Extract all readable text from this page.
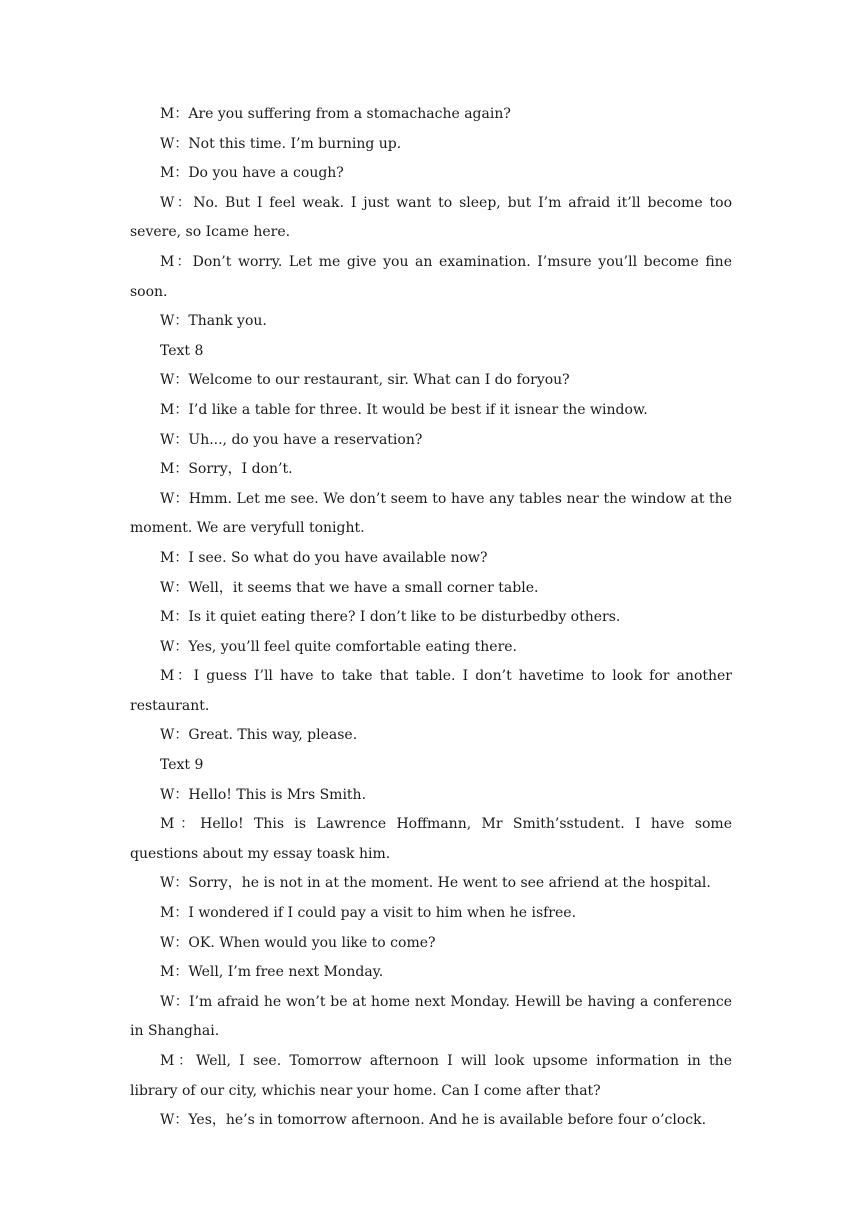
M：Are you suffering from a stomachache again?

W：Not this time. I’m burning up.

M：Do you have a cough?

W：No. But I feel weak. I just want to sleep, but I’m afraid it’ll become too severe, so Icame here.

M：Don’t worry. Let me give you an examination. I’msure you’ll become fine soon.

W：Thank you.

Text 8

W：Welcome to our restaurant, sir. What can I do foryou?

M：I’d like a table for three. It would be best if it isnear the window.

W：Uh..., do you have a reservation?

M：Sorry，I don’t.

W：Hmm. Let me see. We don’t seem to have any tables near the window at the moment. We are veryfull tonight.

M：I see. So what do you have available now?

W：Well，it seems that we have a small corner table.

M：Is it quiet eating there? I don’t like to be disturbedby others.

W：Yes, you’ll feel quite comfortable eating there.

M：I guess I’ll have to take that table. I don’t havetime to look for another restaurant.

W：Great. This way, please.

Text 9

W：Hello! This is Mrs Smith.

M：Hello! This is Lawrence Hoffmann, Mr Smith’sstudent. I have some questions about my essay toask him.

W：Sorry，he is not in at the moment. He went to see afriend at the hospital.

M：I wondered if I could pay a visit to him when he isfree.

W：OK. When would you like to come?

M：Well, I’m free next Monday.

W：I’m afraid he won’t be at home next Monday. Hewill be having a conference in Shanghai.

M：Well, I see. Tomorrow afternoon I will look upsome information in the library of our city, whichis near your home. Can I come after that?

W：Yes，he’s in tomorrow afternoon. And he is available before four o’clock.
